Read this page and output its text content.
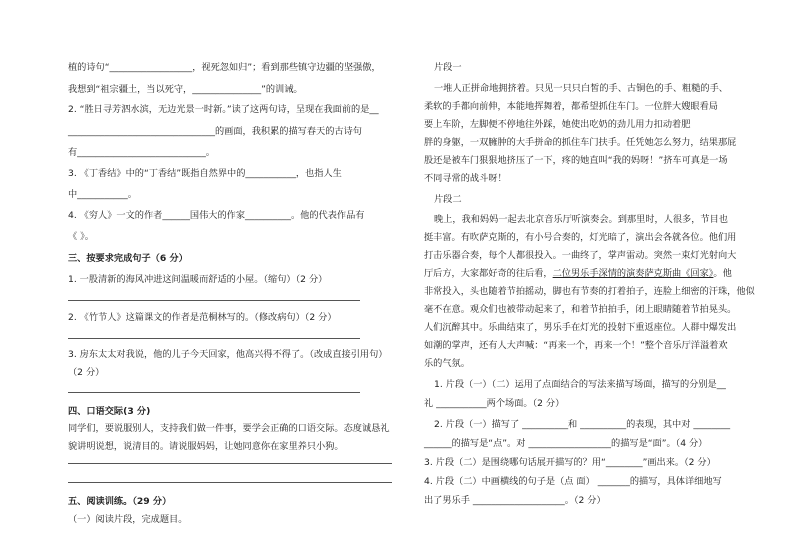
植的诗句“__________________，视死忽如归”；看到那些镇守边疆的坚强傲，
我想到“祖宗疆土，当以死守，_______________”的训诫。
2. “胜日寻芳泗水滨，无边光景一时新。”读了这两句诗，呈现在我面前的是__
________________________________的画面，我积累的描写春天的古诗句
有____________________________。
3. 《丁香结》中的“丁香结”既指自然界中的___________，也指人生
中___________。
4. 《穷人》一文的作者______国伟大的作家__________。他的代表作品有
《 》。
三、按要求完成句子（6 分）
1. 一股清新的海风冲进这间温暖而舒适的小屋。（缩句）（2 分）
2. 《竹节人》这篇课文的作者是范桐林写的。（修改病句）（2 分）
3. 房东太太对我说，他的儿子今天回家，他高兴得不得了。（改成直接引用句）
（2 分）
四、口语交际(3 分)
同学们，要说服别人，支持我们做一件事，要学会正确的口语交际。态度诚恳礼
貌讲明说想，说清目的。请说服妈妈，让她同意你在家里养只小狗。
五、阅读训练。（29 分）
（一）阅读片段，完成题目。
片段一
一堆人正拼命地拥挤着。只见一只只白皙的手、古铜色的手、粗糙的手、
柔软的手都向前伸，本能地挥舞着，都希望抓住车门。一位胖大嫂眼看局
要上车阶，左脚便不停地往外踩，她使出吃奶的劲儿用力扣动着肥
胖的身躯，一双臃肿的大手拼命的抓住车门扶手。任凭她怎么努力，结果那屁
股还是被车门狠狠地挤压了一下，疼的她直叫“我的妈呀！”挤车可真是一场
不同寻常的战斗呀！
片段二
晚上，我和妈妈一起去北京音乐厅听演奏会。到那里时，人很多，节目也
挺丰富。有吹萨克斯的，有小号合奏的，灯光暗了，演出会各就各位。他们用
打击乐器合奏，每个人都很投入。一曲终了，掌声雷动。突然一束灯光射向大
厅后方，大家都好奇的往后看，二位男乐手深情的演奏萨克斯曲《回家》。他
非常投入，头也随着节拍摇动，脚也有节奏的打着拍子，连脸上细密的汗珠，他似
毫不在意。观众们也被带动起来了，和着节拍拍手，闭上眼睛随着节拍晃头。
人们沉醉其中。乐曲结束了，男乐手在灯光的投射下重返座位。人群中爆发出
如潮的掌声，还有人大声喊：“再来一个，再来一个！”整个音乐厅洋溢着欢
乐的气氛。
1. 片段（一）（二）运用了点面结合的写法来描写场面，描写的分别是__
礼 ___________两个场面。（2 分）
2. 片段（一）描写了 __________和 __________的表现，其中对 ________
______的描写是“点”。对 __________________的描写是“面”。（4 分）
3. 片段（二）是围绕哪句话展开描写的？用“________”画出来。（2 分）
4. 片段（二）中画横线的句子是（点 面） _______的描写，具体详细地写
出了男乐手 ____________________。（2 分）
